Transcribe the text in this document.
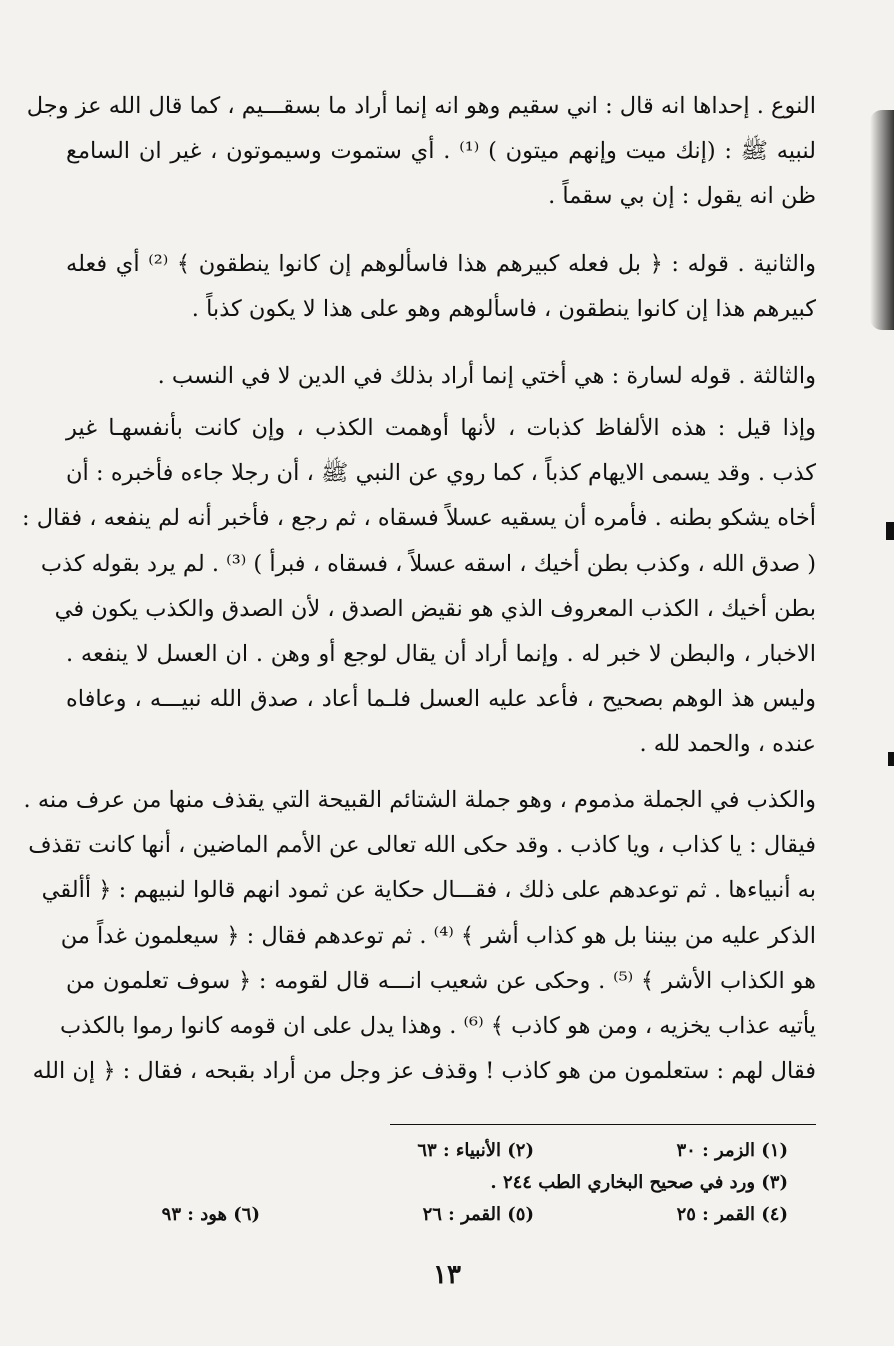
النوع . إحداها انه قال : اني سقيم وهو انه إنما أراد ما بسقـــيم ، كما قال الله عز وجل
لنبيه ﷺ : (إنك ميت وإنهم ميتون ) ⁽¹⁾ . أي ستموت وسيموتون ، غير ان السامع
ظن انه يقول : إن بي سقماً .
والثانية . قوله : ﴿ بل فعله كبيرهم هذا فاسألوهم إن كانوا ينطقون ﴾ ⁽²⁾ أي فعله
كبيرهم هذا إن كانوا ينطقون ، فاسألوهم وهو على هذا لا يكون كذباً .
والثالثة . قوله لسارة : هي أختي إنما أراد بذلك في الدين لا في النسب .
وإذا قيل : هذه الألفاظ كذبات ، لأنها أوهمت الكذب ، وإن كانت بأنفسهـا غير
كذب . وقد يسمى الايهام كذباً ، كما روي عن النبي ﷺ ، أن رجلا جاءه فأخبره : أن
أخاه يشكو بطنه . فأمره أن يسقيه عسلاً فسقاه ، ثم رجع ، فأخبر أنه لم ينفعه ، فقال :
( صدق الله ، وكذب بطن أخيك ، اسقه عسلاً ، فسقاه ، فبرأ ) ⁽³⁾ . لم يرد بقوله كذب
بطن أخيك ، الكذب المعروف الذي هو نقيض الصدق ، لأن الصدق والكذب يكون في
الاخبار ، والبطن لا خبر له . وإنما أراد أن يقال لوجع أو وهن . ان العسل لا ينفعه .
وليس هذ الوهم بصحيح ، فأعد عليه العسل فلـما أعاد ، صدق الله نبيـــه ، وعافاه
عنده ، والحمد لله .
والكذب في الجملة مذموم ، وهو جملة الشتائم القبيحة التي يقذف منها من عرف منه .
فيقال : يا كذاب ، ويا كاذب . وقد حكى الله تعالى عن الأمم الماضين ، أنها كانت تقذف
به أنبياءها . ثم توعدهم على ذلك ، فقـــال حكاية عن ثمود انهم قالوا لنبيهم : ﴿ أألقي
الذكر عليه من بيننا بل هو كذاب أشر ﴾ ⁽⁴⁾ . ثم توعدهم فقال : ﴿ سيعلمون غداً من
هو الكذاب الأشر ﴾ ⁽⁵⁾ . وحكى عن شعيب انـــه قال لقومه : ﴿ سوف تعلمون من
يأتيه عذاب يخزيه ، ومن هو كاذب ﴾ ⁽⁶⁾ . وهذا يدل على ان قومه كانوا رموا بالكذب
فقال لهم : ستعلمون من هو كاذب ! وقذف عز وجل من أراد بقبحه ، فقال : ﴿ إن الله
(١) الزمر : ٣٠
(٢) الأنبياء : ٦٣
(٣) ورد في صحيح البخاري الطب ٢٤٤ .
(٤) القمر : ٢٥
(٥) القمر : ٢٦
(٦) هود : ٩٣
١٣
